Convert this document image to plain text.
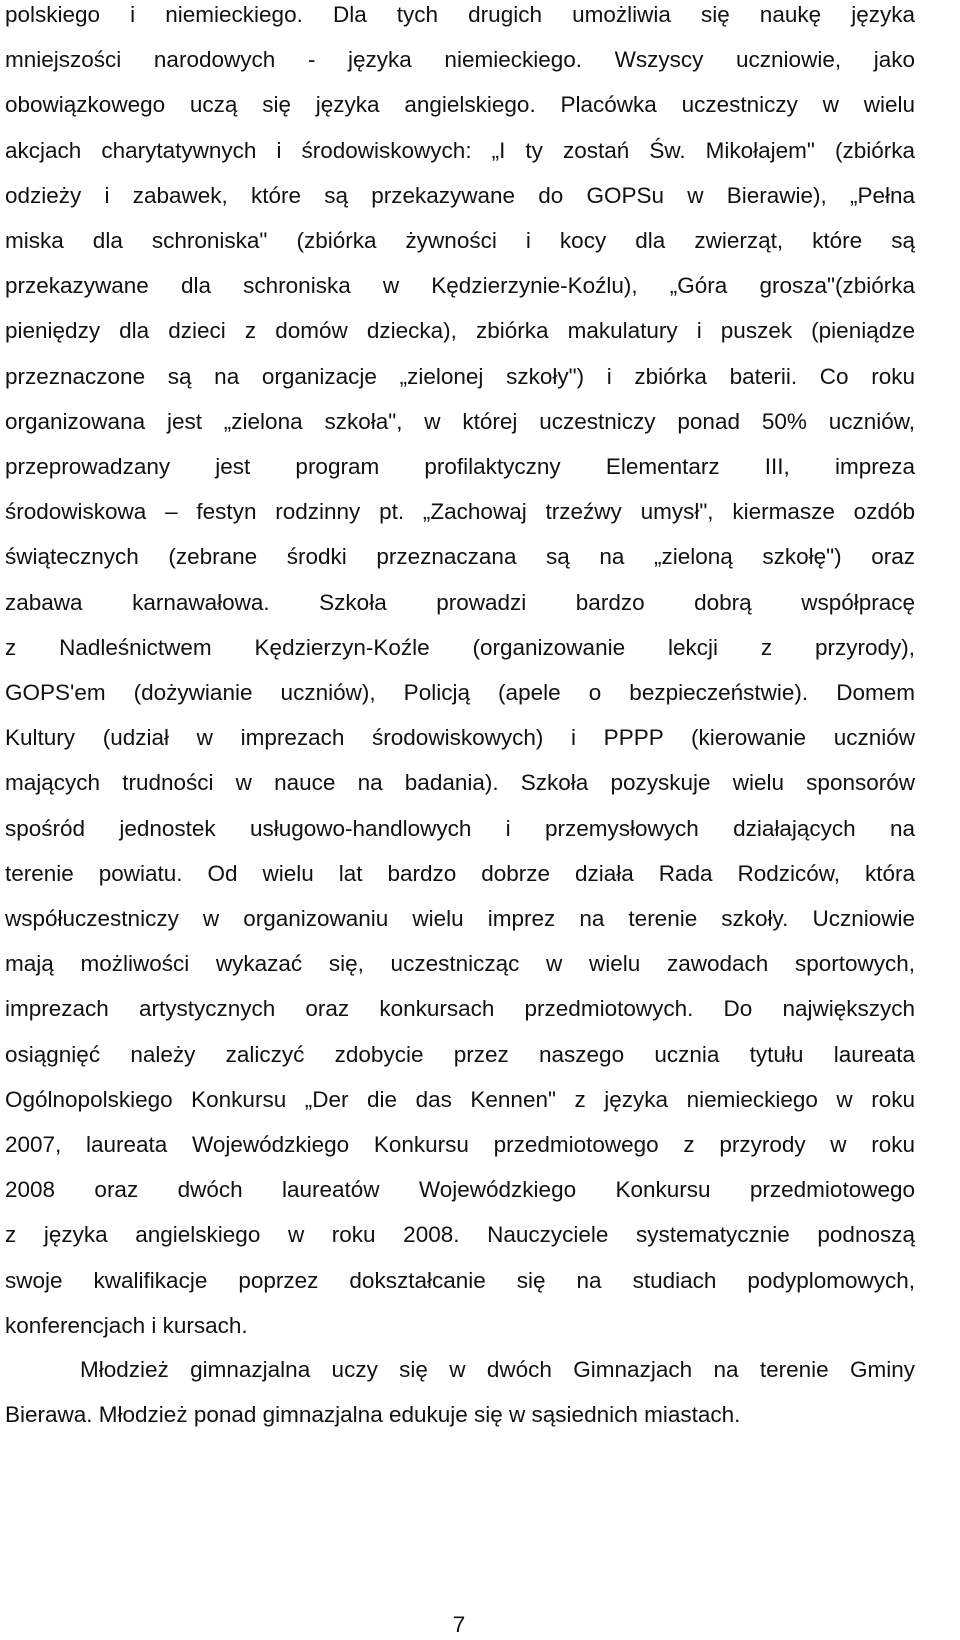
polskiego i niemieckiego. Dla tych drugich umożliwia się naukę języka
mniejszości narodowych - języka niemieckiego. Wszyscy uczniowie, jako
obowiązkowego uczą się języka angielskiego. Placówka uczestniczy w wielu
akcjach charytatywnych i środowiskowych: „I ty zostań Św. Mikołajem" (zbiórka
odzieży i zabawek, które są przekazywane do GOPSu w Bierawie), „Pełna
miska dla schroniska" (zbiórka żywności i kocy dla zwierząt, które są
przekazywane dla schroniska w Kędzierzynie-Koźlu), „Góra grosza"(zbiórka
pieniędzy dla dzieci z domów dziecka), zbiórka makulatury i puszek (pieniądze
przeznaczone są na organizacje „zielonej szkoły") i zbiórka baterii. Co roku
organizowana jest „zielona szkoła", w której uczestniczy ponad 50% uczniów,
przeprowadzany jest program profilaktyczny Elementarz III, impreza
środowiskowa – festyn rodzinny pt. „Zachowaj trzeźwy umysł", kiermasze ozdób
świątecznych (zebrane środki przeznaczana są na „zieloną szkołę") oraz
zabawa karnawałowa. Szkoła prowadzi bardzo dobrą współpracę
z Nadleśnictwem Kędzierzyn-Koźle (organizowanie lekcji z przyrody),
GOPS'em (dożywianie uczniów), Policją (apele o bezpieczeństwie). Domem
Kultury (udział w imprezach środowiskowych) i PPPP (kierowanie uczniów
mających trudności w nauce na badania). Szkoła pozyskuje wielu sponsorów
spośród jednostek usługowo-handlowych i przemysłowych działających na
terenie powiatu. Od wielu lat bardzo dobrze działa Rada Rodziców, która
współuczestniczy w organizowaniu wielu imprez na terenie szkoły. Uczniowie
mają możliwości wykazać się, uczestnicząc w wielu zawodach sportowych,
imprezach artystycznych oraz konkursach przedmiotowych. Do największych
osiągnięć należy zaliczyć zdobycie przez naszego ucznia tytułu laureata
Ogólnopolskiego Konkursu „Der die das Kennen" z języka niemieckiego w roku
2007, laureata Wojewódzkiego Konkursu przedmiotowego z przyrody w roku
2008 oraz dwóch laureatów Wojewódzkiego Konkursu przedmiotowego
z języka angielskiego w roku 2008. Nauczyciele systematycznie podnoszą
swoje kwalifikacje poprzez dokształcanie się na studiach podyplomowych,
konferencjach i kursach.
Młodzież gimnazjalna uczy się w dwóch Gimnazjach na terenie Gminy
Bierawa. Młodzież ponad gimnazjalna edukuje się w sąsiednich miastach.
7
